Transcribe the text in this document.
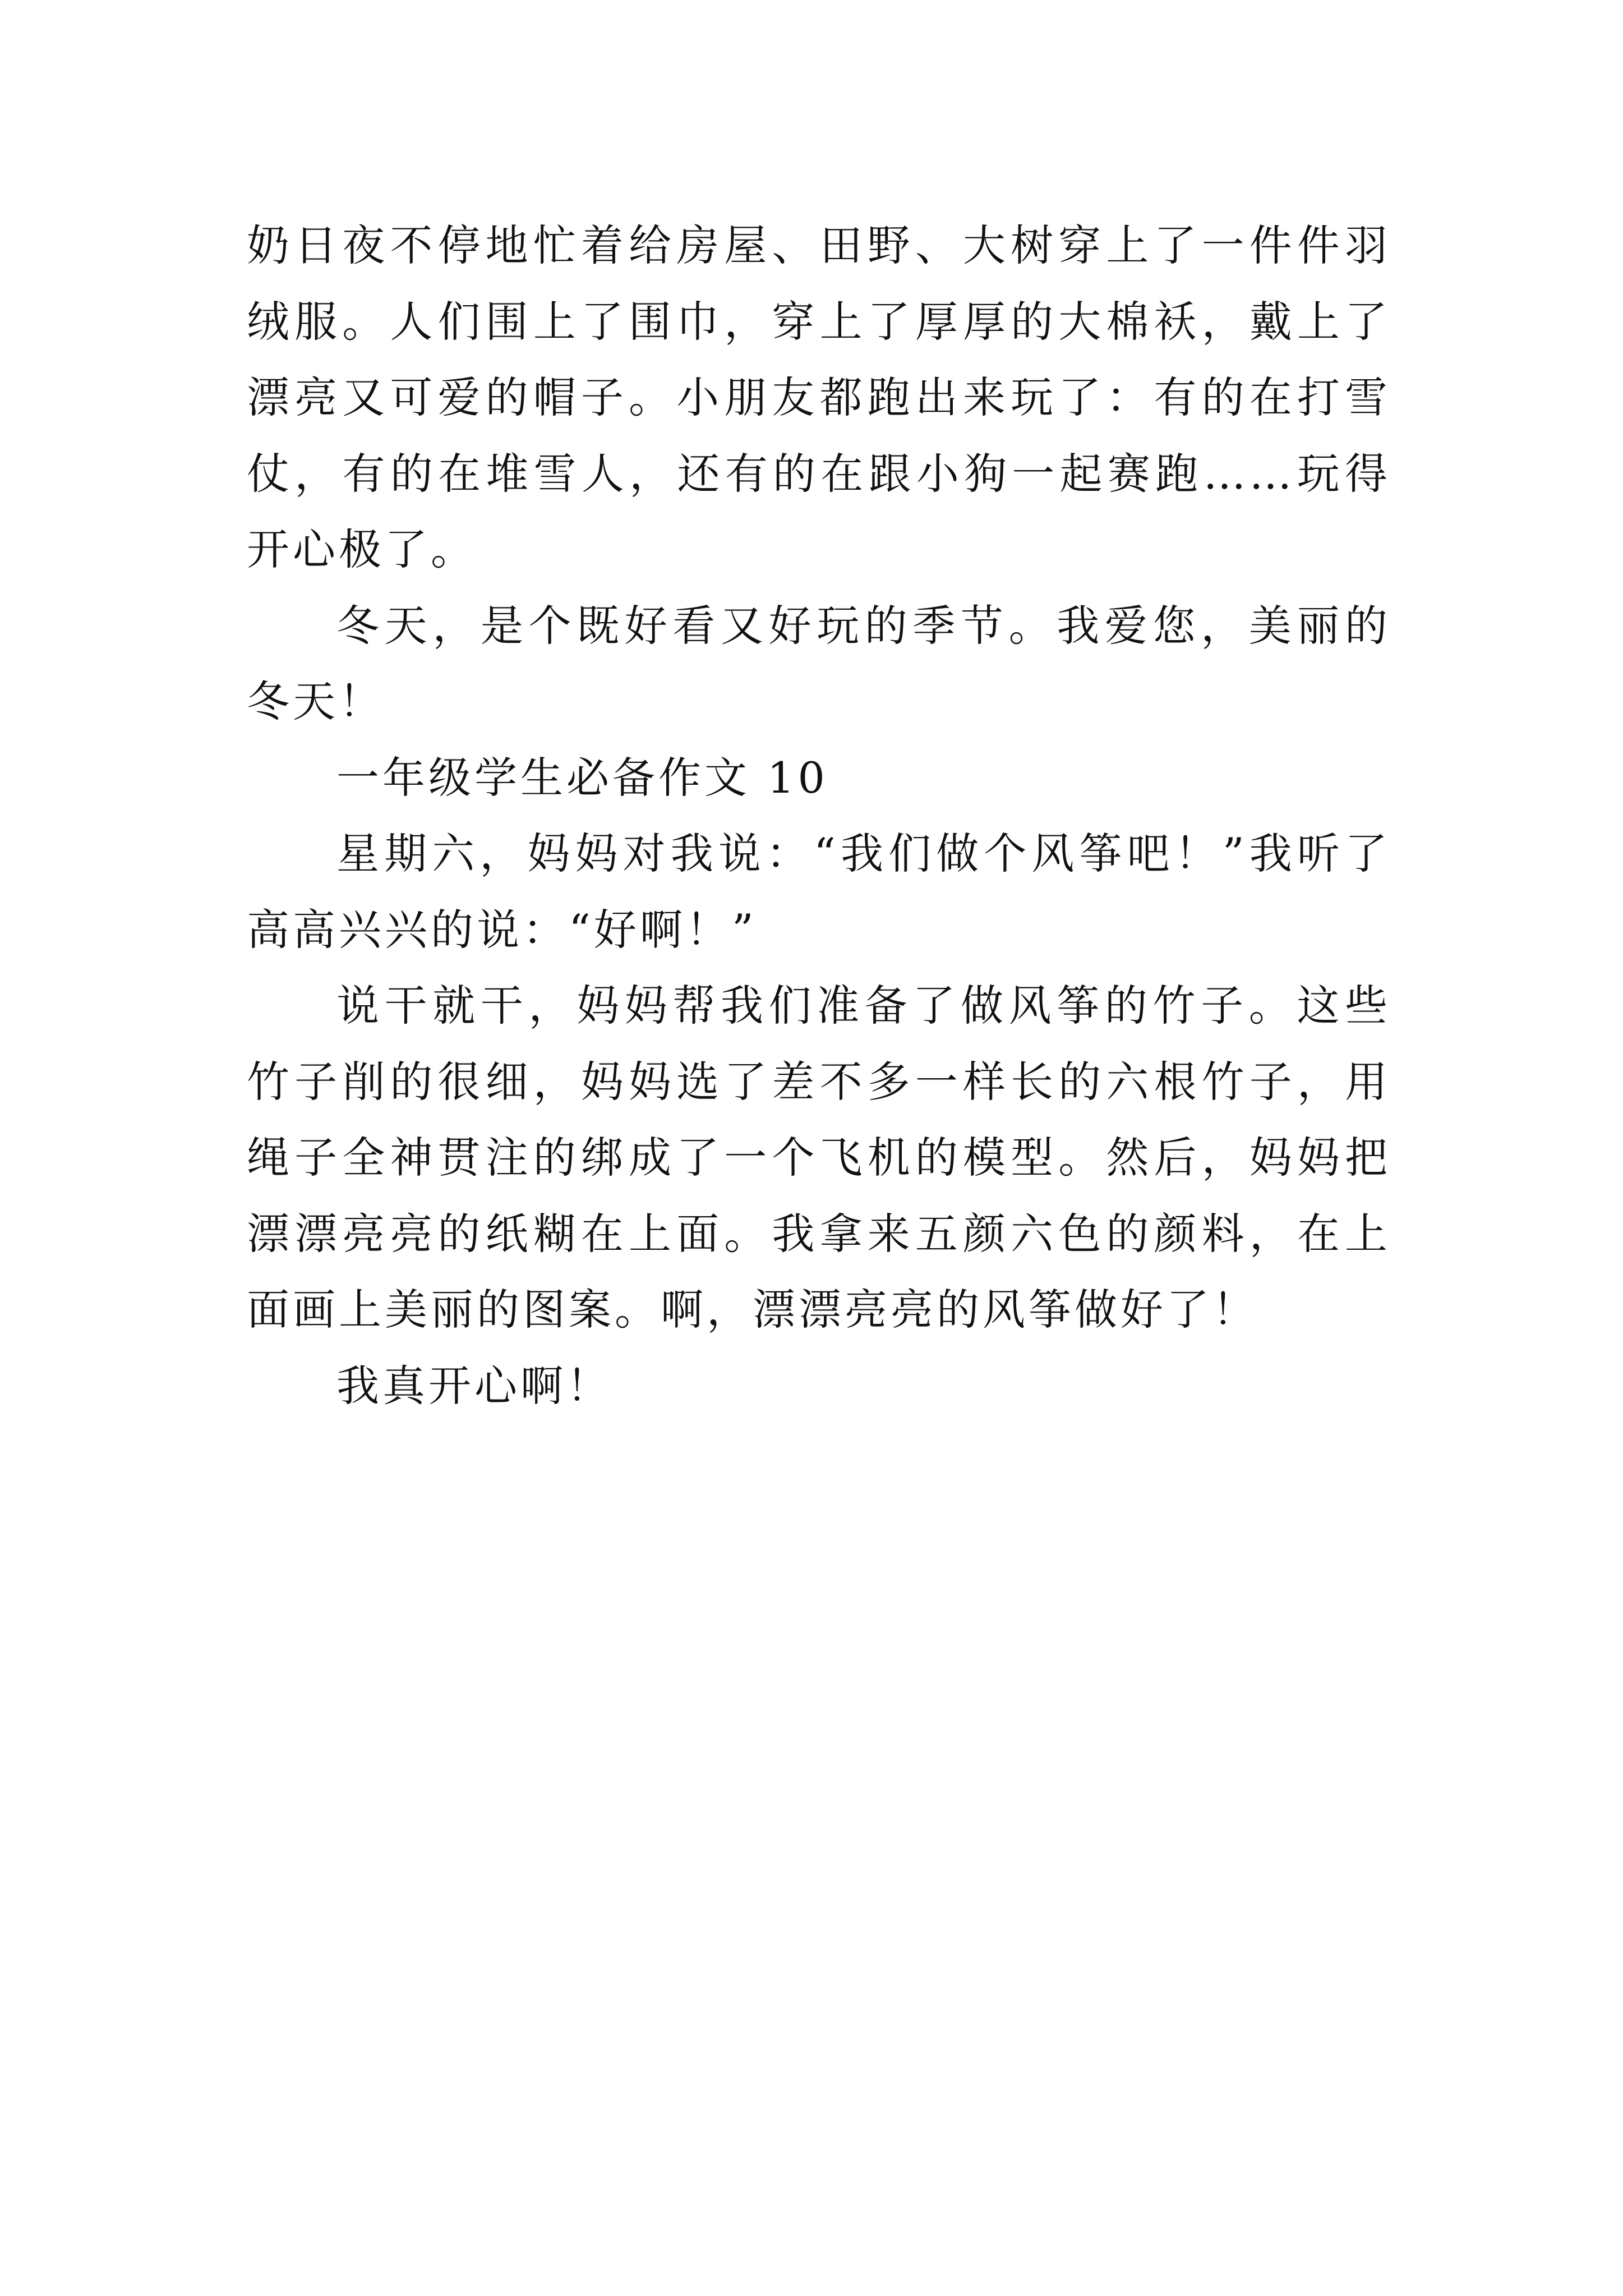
奶日夜不停地忙着给房屋、田野、大树穿上了一件件羽绒服。人们围上了围巾，穿上了厚厚的大棉袄，戴上了漂亮又可爱的帽子。小朋友都跑出来玩了：有的在打雪仗，有的在堆雪人，还有的在跟小狗一起赛跑……玩得开心极了。

冬天，是个既好看又好玩的季节。我爱您，美丽的冬天！

一年级学生必备作文 10

星期六，妈妈对我说：“我们做个风筝吧！”我听了高高兴兴的说：“好啊！”

说干就干，妈妈帮我们准备了做风筝的竹子。这些竹子削的很细，妈妈选了差不多一样长的六根竹子，用绳子全神贯注的绑成了一个飞机的模型。然后，妈妈把漂漂亮亮的纸糊在上面。我拿来五颜六色的颜料，在上面画上美丽的图案。啊，漂漂亮亮的风筝做好了！

我真开心啊！
